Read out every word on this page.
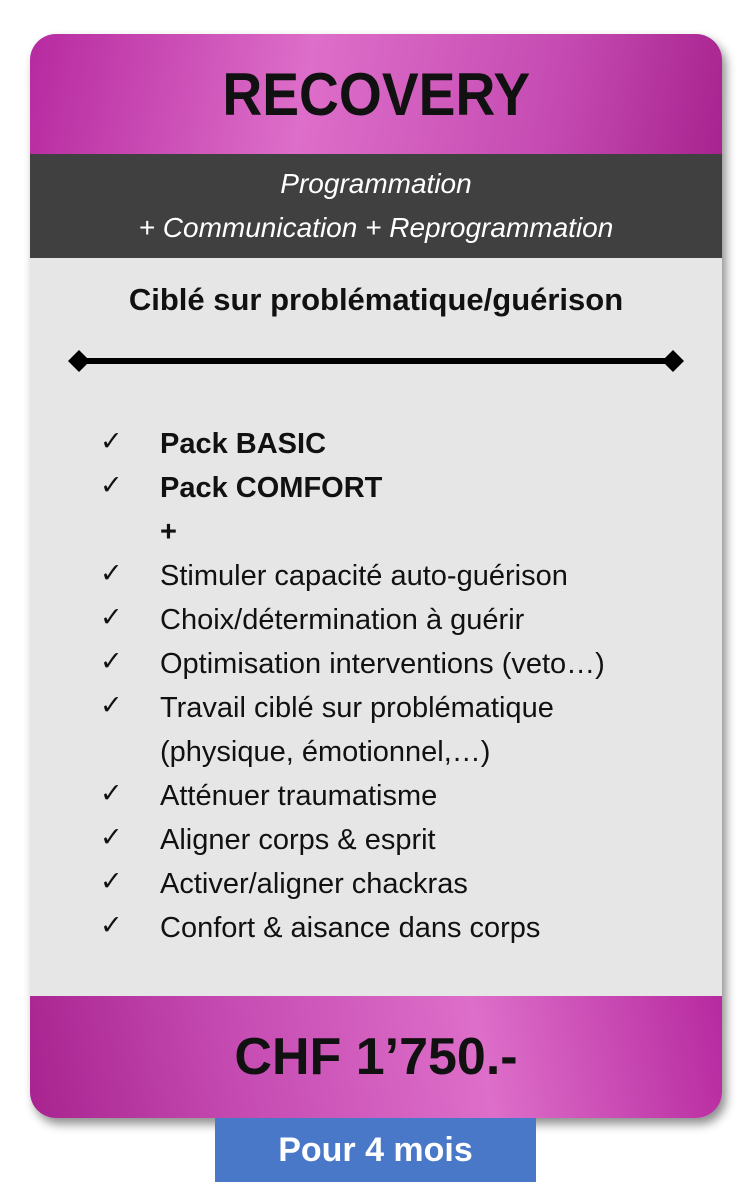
RECOVERY
Programmation
+ Communication + Reprogrammation
Ciblé sur problématique/guérison
✓ Pack BASIC
✓ Pack COMFORT
+
✓ Stimuler capacité auto-guérison
✓ Choix/détermination à guérir
✓ Optimisation interventions (veto…)
✓ Travail ciblé sur problématique
(physique, émotionnel,…)
✓ Atténuer traumatisme
✓ Aligner corps & esprit
✓ Activer/aligner chackras
✓ Confort & aisance dans corps
CHF 1’750.-
Pour 4 mois
